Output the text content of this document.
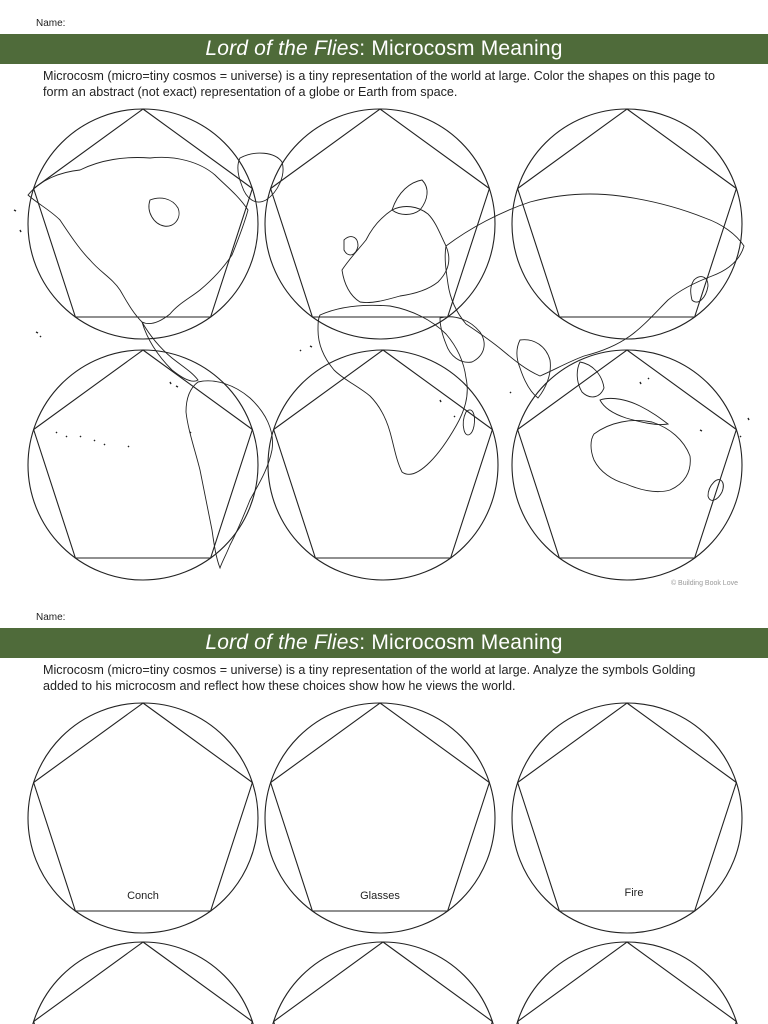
Name:
Lord of the Flies : Microcosm Meaning
Microcosm (micro=tiny cosmos = universe) is a tiny representation of the world at large. Color the shapes on this page to form an abstract (not exact) representation of a globe or Earth from space.
© Building Book Love
Name:
Lord of the Flies : Microcosm Meaning
Microcosm (micro=tiny cosmos = universe) is a tiny representation of the world at large. Analyze the symbols Golding added to his microcosm and reflect how these choices show how he views the world.
Conch	Glasses	Fire
